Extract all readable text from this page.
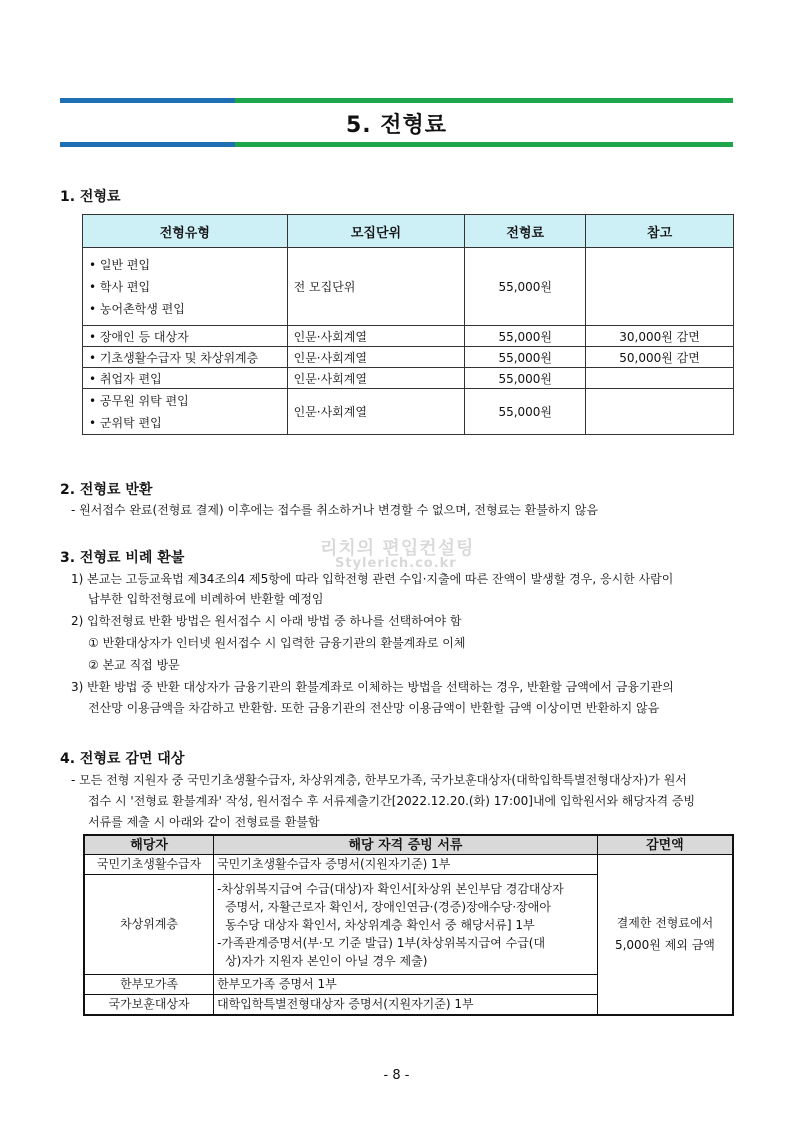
5. 전형료
1. 전형료
전형유형	모집단위	전형료	참고

• 일반 편입
• 학사 편입
• 농어촌학생 편입	전 모집단위	55,000원	
• 장애인 등 대상자	인문·사회계열	55,000원	30,000원 감면
• 기초생활수급자 및 차상위계층	인문·사회계열	55,000원	50,000원 감면
• 취업자 편입	인문·사회계열	55,000원	

• 공무원 위탁 편입
• 군위탁 편입	인문·사회계열	55,000원	
2. 전형료 반환
- 원서접수 완료(전형료 결제) 이후에는 접수를 취소하거나 변경할 수 없으며, 전형료는 환불하지 않음
리치의 편입컨설팅
Stylerich.co.kr
3. 전형료 비례 환불
1) 본교는 고등교육법 제34조의4 제5항에 따라 입학전형 관련 수입·지출에 따른 잔액이 발생할 경우, 응시한 사람이
납부한 입학전형료에 비례하여 반환할 예정임
2) 입학전형료 반환 방법은 원서접수 시 아래 방법 중 하나를 선택하여야 함
① 반환대상자가 인터넷 원서접수 시 입력한 금융기관의 환불계좌로 이체
② 본교 직접 방문
3) 반환 방법 중 반환 대상자가 금융기관의 환불계좌로 이체하는 방법을 선택하는 경우, 반환할 금액에서 금융기관의
전산망 이용금액을 차감하고 반환함. 또한 금융기관의 전산망 이용금액이 반환할 금액 이상이면 반환하지 않음
4. 전형료 감면 대상
- 모든 전형 지원자 중 국민기초생활수급자, 차상위계층, 한부모가족, 국가보훈대상자(대학입학특별전형대상자)가 원서
접수 시 '전형료 환불계좌' 작성, 원서접수 후 서류제출기간[2022.12.20.(화) 17:00]내에 입학원서와 해당자격 증빙
서류를 제출 시 아래와 같이 전형료를 환불함
해당자	해당 자격 증빙 서류	감면액
국민기초생활수급자	국민기초생활수급자 증명서(지원자기준) 1부	결제한 전형료에서
5,000원 제외 금액

차상위계층	-차상위복지급여 수급(대상)자 확인서[차상위 본인부담 경감대상자
증명서, 자활근로자 확인서, 장애인연금·(경증)장애수당·장애아
동수당 대상자 확인서, 차상위계층 확인서 중 해당서류] 1부
-가족관계증명서(부·모 기준 발급) 1부(차상위복지급여 수급(대
상)자가 지원자 본인이 아닐 경우 제출)	

한부모가족	한부모가족 증명서 1부	
국가보훈대상자	대학입학특별전형대상자 증명서(지원자기준) 1부	
- 8 -
